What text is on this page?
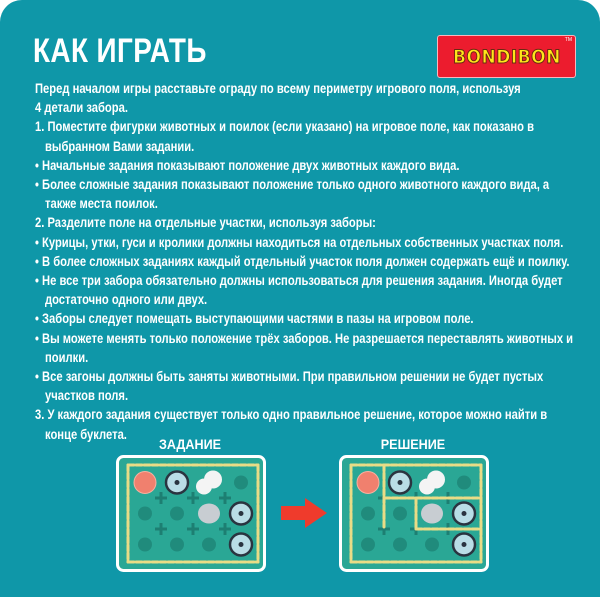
КАК ИГРАТЬ	BONDIBON
TM
Перед началом игры расставьте ограду по всему периметру игрового поля, используя
4 детали забора.
1. Поместите фигурки животных и поилок (если указано) на игровое поле, как показано в
выбранном Вами задании.
• Начальные задания показывают положение двух животных каждого вида.
• Более сложные задания показывают положение только одного животного каждого вида, а
также места поилок.
2. Разделите поле на отдельные участки, используя заборы:
• Курицы, утки, гуси и кролики должны находиться на отдельных собственных участках поля.
• В более сложных заданиях каждый отдельный участок поля должен содержать ещё и поилку.
• Не все три забора обязательно должны использоваться для решения задания. Иногда будет
достаточно одного или двух.
• Заборы следует помещать выступающими частями в пазы на игровом поле.
• Вы можете менять только положение трёх заборов. Не разрешается переставлять животных и
поилки.
• Все загоны должны быть заняты животными. При правильном решении не будет пустых
участков поля.
3. У каждого задания существует только одно правильное решение, которое можно найти в
конце буклета.
ЗАДАНИЕ	РЕШЕНИЕ
